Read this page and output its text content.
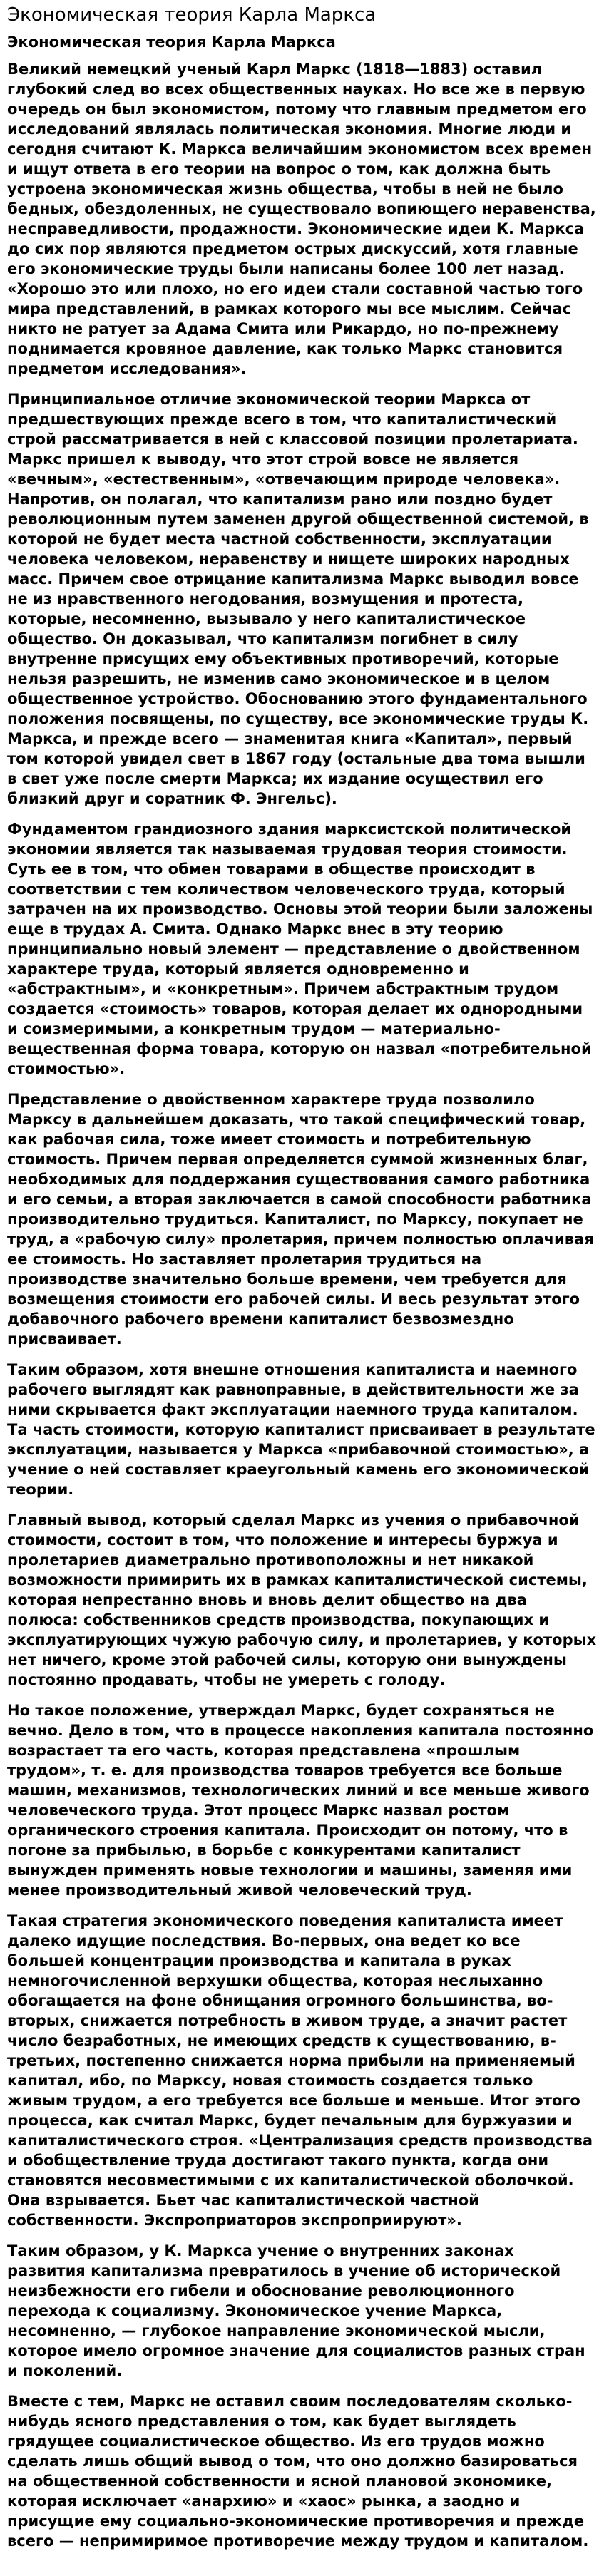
Экономическая теория Карла Маркса
Экономическая теория Карла Маркса

Великий немецкий ученый Карл Маркс (1818—1883) оставил глубокий след во всех общественных науках. Но все же в первую очередь он был экономистом, потому что главным предметом его исследований являлась политическая экономия. Многие люди и сегодня считают К. Маркса величайшим экономистом всех времен и ищут ответа в его теории на вопрос о том, как должна быть устроена экономическая жизнь общества, чтобы в ней не было бедных, обездоленных, не существовало вопиющего неравенства, несправедливости, продажности. Экономические идеи К. Маркса до сих пор являются предметом острых дискуссий, хотя главные его экономические труды были написаны более 100 лет назад. «Хорошо это или плохо, но его идеи стали составной частью того мира представлений, в рамках которого мы все мыслим. Сейчас никто не ратует за Адама Смита или Рикардо, но по-прежнему поднимается кровяное давление, как только Маркс становится предметом исследования».

Принципиальное отличие экономической теории Маркса от предшествующих прежде всего в том, что капиталистический строй рассматривается в ней с классовой позиции пролетариата. Маркс пришел к выводу, что этот строй вовсе не является «вечным», «естественным», «отвечающим природе человека». Напротив, он полагал, что капитализм рано или поздно будет революционным путем заменен другой общественной системой, в которой не будет места частной собственности, эксплуатации человека человеком, неравенству и нищете широких народных масс. Причем свое отрицание капитализма Маркс выводил вовсе не из нравственного негодования, возмущения и протеста, которые, несомненно, вызывало у него капиталистическое общество. Он доказывал, что капитализм погибнет в силу внутренне присущих ему объективных противоречий, которые нельзя разрешить, не изменив само экономическое и в целом общественное устройство. Обоснованию этого фундаментального положения посвящены, по существу, все экономические труды К. Маркса, и прежде всего — знаменитая книга «Капитал», первый том которой увидел свет в 1867 году (остальные два тома вышли в свет уже после смерти Маркса; их издание осуществил его близкий друг и соратник Ф. Энгельс).

Фундаментом грандиозного здания марксистской политической экономии является так называемая трудовая теория стоимости. Суть ее в том, что обмен товарами в обществе происходит в соответствии с тем количеством человеческого труда, который затрачен на их производство. Основы этой теории были заложены еще в трудах А. Смита. Однако Маркс внес в эту теорию принципиально новый элемент — представление о двойственном характере труда, который является одновременно и «абстрактным», и «конкретным». Причем абстрактным трудом создается «стоимость» товаров, которая делает их однородными и соизмеримыми, а конкретным трудом — материально-вещественная форма товара, которую он назвал «потребительной стоимостью».

Представление о двойственном характере труда позволило Марксу в дальнейшем доказать, что такой специфический товар, как рабочая сила, тоже имеет стоимость и потребительную стоимость. Причем первая определяется суммой жизненных благ, необходимых для поддержания существования самого работника и его семьи, а вторая заключается в самой способности работника производительно трудиться. Капиталист, по Марксу, покупает не труд, а «рабочую силу» пролетария, причем полностью оплачивая ее стоимость. Но заставляет пролетария трудиться на производстве значительно больше времени, чем требуется для возмещения стоимости его рабочей силы. И весь результат этого добавочного рабочего времени капиталист безвозмездно присваивает.

Таким образом, хотя внешне отношения капиталиста и наемного рабочего выглядят как равноправные, в действительности же за ними скрывается факт эксплуатации наемного труда капиталом. Та часть стоимости, которую капиталист присваивает в результате эксплуатации, называется у Маркса «прибавочной стоимостью», а учение о ней составляет краеугольный камень его экономической теории.

Главный вывод, который сделал Маркс из учения о прибавочной стоимости, состоит в том, что положение и интересы буржуа и пролетариев диаметрально противоположны и нет никакой возможности примирить их в рамках капиталистической системы, которая непрестанно вновь и вновь делит общество на два полюса: собственников средств производства, покупающих и эксплуатирующих чужую рабочую силу, и пролетариев, у которых нет ничего, кроме этой рабочей силы, которую они вынуждены постоянно продавать, чтобы не умереть с голоду.

Но такое положение, утверждал Маркс, будет сохраняться не вечно. Дело в том, что в процессе накопления капитала постоянно возрастает та его часть, которая представлена «прошлым трудом», т. е. для производства товаров требуется все больше машин, механизмов, технологических линий и все меньше живого человеческого труда. Этот процесс Маркс назвал ростом органического строения капитала. Происходит он потому, что в погоне за прибылью, в борьбе с конкурентами капиталист вынужден применять новые технологии и машины, заменяя ими менее производительный живой человеческий труд.

Такая стратегия экономического поведения капиталиста имеет далеко идущие последствия. Во-первых, она ведет ко все большей концентрации производства и капитала в руках немногочисленной верхушки общества, которая неслыханно обогащается на фоне обнищания огромного большинства, во-вторых, снижается потребность в живом труде, а значит растет число безработных, не имеющих средств к существованию, в-третьих, постепенно снижается норма прибыли на применяемый капитал, ибо, по Марксу, новая стоимость создается только живым трудом, а его требуется все больше и меньше. Итог этого процесса, как считал Маркс, будет печальным для буржуазии и капиталистического строя. «Централизация средств производства и обобществление труда достигают такого пункта, когда они становятся несовместимыми с их капиталистической оболочкой. Она взрывается. Бьет час капиталистической частной собственности. Экспроприаторов экспроприируют».

Таким образом, у К. Маркса учение о внутренних законах развития капитализма превратилось в учение об исторической неизбежности его гибели и обоснование революционного перехода к социализму. Экономическое учение Маркса, несомненно, — глубокое направление экономической мысли, которое имело огромное значение для социалистов разных стран и поколений.

Вместе с тем, Маркс не оставил своим последователям сколько-нибудь ясного представления о том, как будет выглядеть грядущее социалистическое общество. Из его трудов можно сделать лишь общий вывод о том, что оно должно базироваться на общественной собственности и ясной плановой экономике, которая исключает «анархию» и «хаос» рынка, а заодно и присущие ему социально-экономические противоречия и прежде всего — непримиримое противоречие между трудом и капиталом.
